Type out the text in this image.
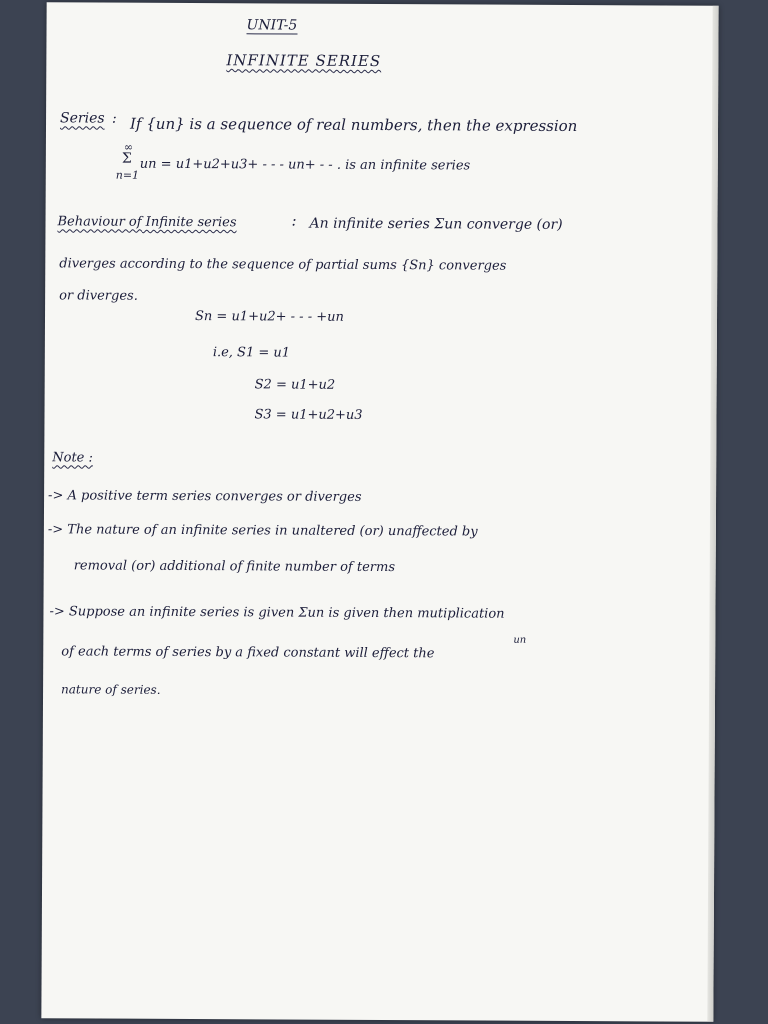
UNIT-5
INFINITE SERIES
Series : If {un} is a sequence of real numbers, then the expression
∞
Σ
n=1
un = u1+u2+u3+ - - - un+ - - . is an infinite series
Behaviour of Infinite series	: An infinite series Σun converge (or)
diverges according to the sequence of partial sums {Sn} converges
or diverges.
Sn = u1+u2+ - - - +un
i.e, S1 = u1
S2 = u1+u2
S3 = u1+u2+u3
Note :
-> A positive term series converges or diverges
-> The nature of an infinite series in unaltered (or) unaffected by
removal (or) additional of finite number of terms
-> Suppose an infinite series is given Σun is given then mutiplication
of each terms of series by a fixed constant will effect the
un
nature of series.
